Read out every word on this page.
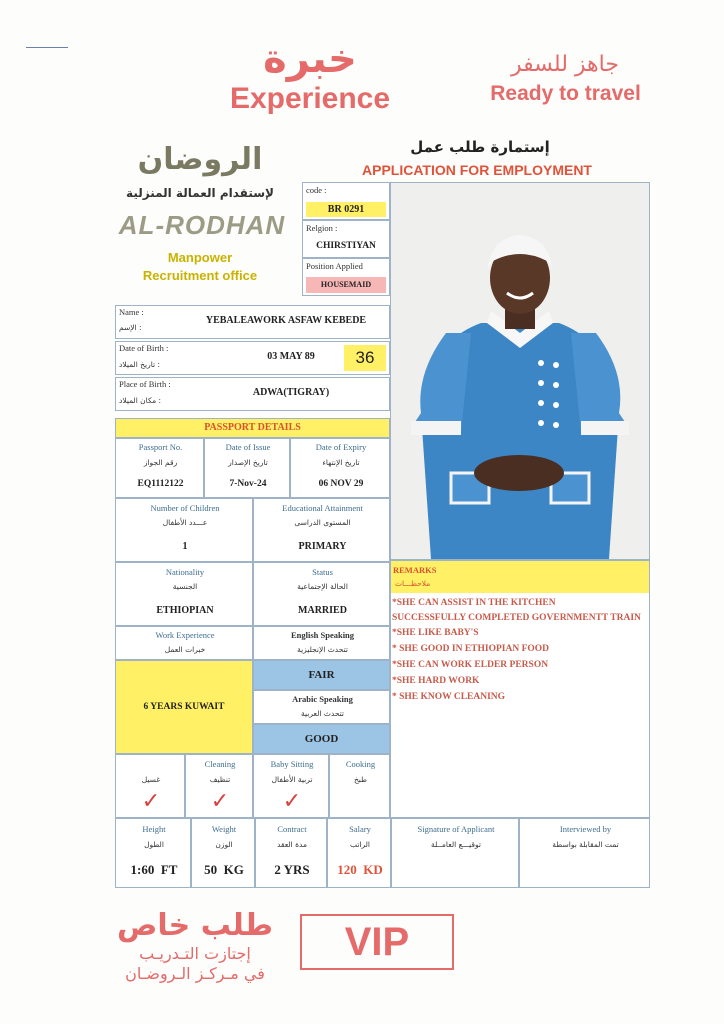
خبرة
Experience
جاهز للسفر
Ready to travel
الروضان
لإستقدام العمالة المنزلية
AL-RODHAN
Manpower
Recruitment office
إستمارة طلب عمل
APPLICATION FOR EMPLOYMENT
code :
BR 0291
Relgion :
CHIRSTIYAN
Position Applied
HOUSEMAID
Name :
الإسم :
YEBALEAWORK ASFAW KEBEDE
Date of Birth :
تاريخ الميلاد :
03 MAY 89	36
Place of Birth :
مكان الميلاد :
ADWA(TIGRAY)
PASSPORT DETAILS
Passport No.
رقم الجواز
EQ1112122
Date of Issue
تاريخ الإصدار
7-Nov-24
Date of Expiry
تاريخ الإنتهاء
06 NOV 29
Number of Children
عـــدد الأطفال
1
Educational Attainment
المستوى الدراسى
PRIMARY
Nationality
الجنسية
ETHIOPIAN
Status
الحالة الإجتماعية
MARRIED
Work Experience
خبرات العمل
6 YEARS KUWAIT
English Speaking
تتحدث الإنجليزية
FAIR
Arabic Speaking
تتحدث العربية
GOOD
غسيل
✓
Cleaning
تنظيف
✓
Baby Sitting
تربية الأطفال
✓
Cooking
طبخ
REMARKS
ملاحظـــات
*SHE CAN ASSIST IN THE KITCHEN
SUCCESSFULLY COMPLETED GOVERNMENTT TRAIN
*SHE LIKE BABY'S
* SHE GOOD IN ETHIOPIAN FOOD
*SHE CAN WORK ELDER PERSON
*SHE HARD WORK
* SHE KNOW CLEANING
Height
الطول
1:60  FT
Weight
الوزن
50  KG
Contract
مدة العقد
2 YRS
Salary
الراتب
120  KD
Signature of Applicant
توقيـــع العامــلة
Interviewed by
تمت المقابلة بواسطة
طلب خاص
إجتازت التـدريـب
في مـركـز الـروضـان
VIP
